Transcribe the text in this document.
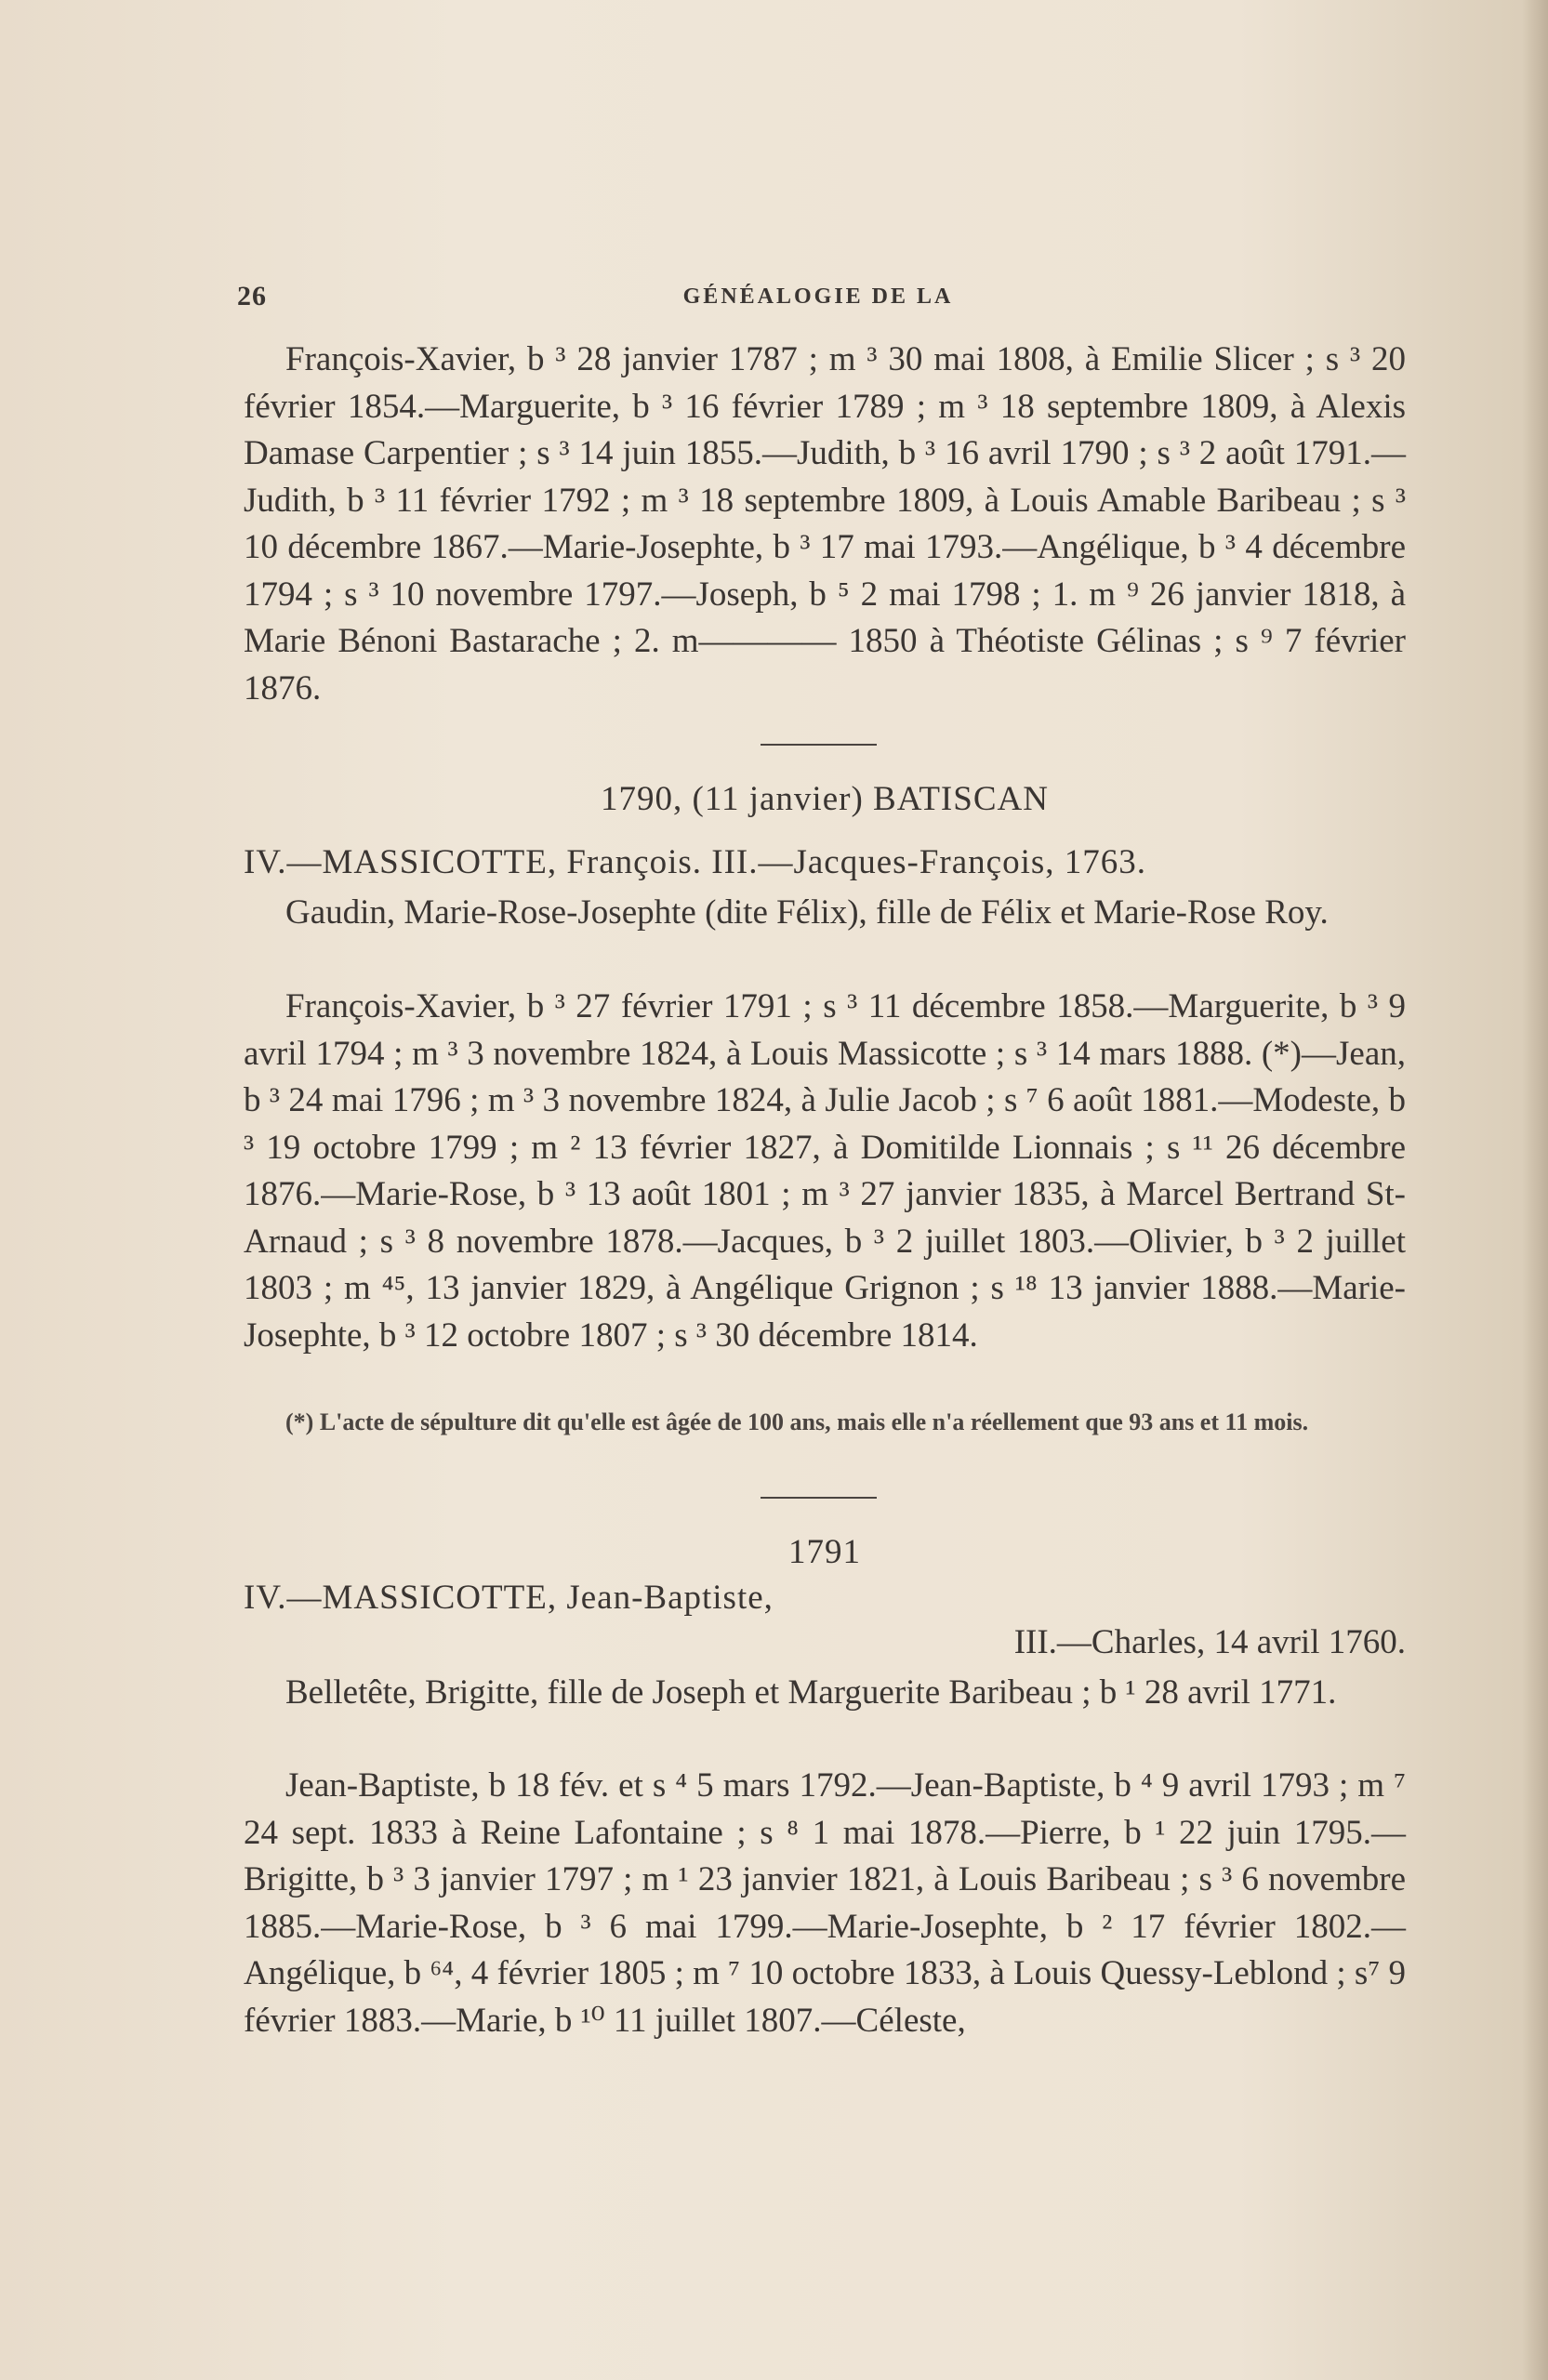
26	GÉNÉALOGIE DE LA

François-Xavier, b ³ 28 janvier 1787 ; m ³ 30 mai 1808, à Emilie Slicer ; s ³ 20 février 1854.—Marguerite, b ³ 16 février 1789 ; m ³ 18 septembre 1809, à Alexis Damase Carpentier ; s ³ 14 juin 1855.—Judith, b ³ 16 avril 1790 ; s ³ 2 août 1791.—Judith, b ³ 11 février 1792 ; m ³ 18 septembre 1809, à Louis Amable Baribeau ; s ³ 10 décembre 1867.—Marie-Josephte, b ³ 17 mai 1793.—Angélique, b ³ 4 décembre 1794 ; s ³ 10 novembre 1797.—Joseph, b ⁵ 2 mai 1798 ; 1. m ⁹ 26 janvier 1818, à Marie Bénoni Bastarache ; 2. m———— 1850 à Théotiste Gélinas ; s ⁹ 7 février 1876.

1790, (11 janvier) BATISCAN
IV.—MASSICOTTE, François. III.—Jacques-François, 1763.

Gaudin, Marie-Rose-Josephte (dite Félix), fille de Félix et Marie-Rose Roy.

François-Xavier, b ³ 27 février 1791 ; s ³ 11 décembre 1858.—Marguerite, b ³ 9 avril 1794 ; m ³ 3 novembre 1824, à Louis Massicotte ; s ³ 14 mars 1888. (*)—Jean, b ³ 24 mai 1796 ; m ³ 3 novembre 1824, à Julie Jacob ; s ⁷ 6 août 1881.—Modeste, b ³ 19 octobre 1799 ; m ² 13 février 1827, à Domitilde Lionnais ; s ¹¹ 26 décembre 1876.—Marie-Rose, b ³ 13 août 1801 ; m ³ 27 janvier 1835, à Marcel Bertrand St-Arnaud ; s ³ 8 novembre 1878.—Jacques, b ³ 2 juillet 1803.—Olivier, b ³ 2 juillet 1803 ; m ⁴⁵, 13 janvier 1829, à Angélique Grignon ; s ¹⁸ 13 janvier 1888.—Marie-Josephte, b ³ 12 octobre 1807 ; s ³ 30 décembre 1814.

(*) L'acte de sépulture dit qu'elle est âgée de 100 ans, mais elle n'a réellement que 93 ans et 11 mois.

1791
IV.—MASSICOTTE, Jean-Baptiste,
III.—Charles, 14 avril 1760.

Belletête, Brigitte, fille de Joseph et Marguerite Baribeau ; b ¹ 28 avril 1771.

Jean-Baptiste, b 18 fév. et s ⁴ 5 mars 1792.—Jean-Baptiste, b ⁴ 9 avril 1793 ; m ⁷ 24 sept. 1833 à Reine Lafontaine ; s ⁸ 1 mai 1878.—Pierre, b ¹ 22 juin 1795.—Brigitte, b ³ 3 janvier 1797 ; m ¹ 23 janvier 1821, à Louis Baribeau ; s ³ 6 novembre 1885.—Marie-Rose, b ³ 6 mai 1799.—Marie-Josephte, b ² 17 février 1802.—Angélique, b ⁶⁴, 4 février 1805 ; m ⁷ 10 octobre 1833, à Louis Quessy-Leblond ; s⁷ 9 février 1883.—Marie, b ¹⁰ 11 juillet 1807.—Céleste,
